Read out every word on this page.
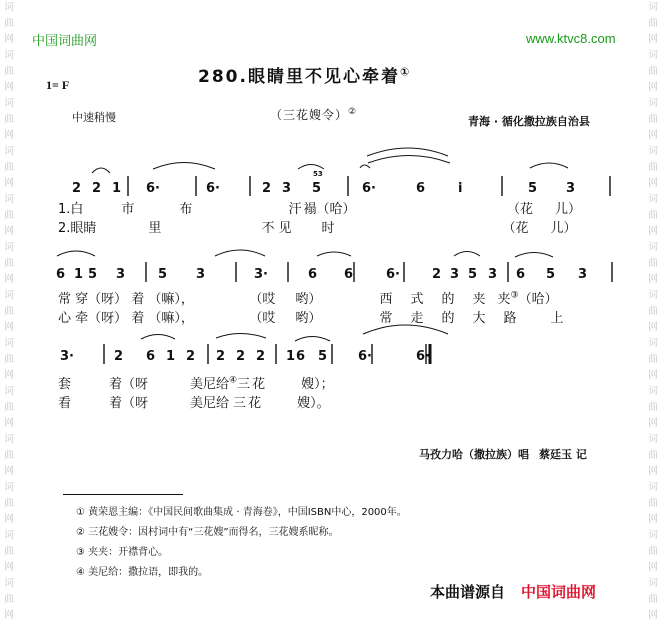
词曲网词曲网词曲网词曲网词曲网词曲网词曲网词曲网词曲网词曲网词曲网词曲网词曲网
词曲网词曲网词曲网词曲网词曲网词曲网词曲网词曲网词曲网词曲网词曲网词曲网词曲网
中国词曲网	www.ktvc8.com
280.眼睛里不见心牵着①
1= F
中速稍慢	（三花嫂令）②
青海 · 循化撒拉族自治县
2 2 1 6·	6·	2 3 5	6·	6	i	5 3
6 1 5 3	5 3	3·	6 6	6· 2 3 5 3 6 5 3
3·	2 6 1 2 2 2 2 1 6 5 6·	6·
53
1.白	市	布	汗 褟（哈）	（花 儿）
2.眼睛	里	不 见 时	（花 儿）
常 穿（呀） 着 （嘛），	（哎 哟）	西 式 的 夹 夹③（哈）
心 牵（呀） 着 （嘛），	（哎 哟）	常 走 的 大 路	上
套	着（呀	美尼给④三 花	嫂）；
看	着（呀	美尼给 三 花	嫂）。
马孜力哈（撒拉族）唱 蔡廷玉 记
① 黄荣恩主编：《中国民间歌曲集成 · 青海卷》，中国ISBN中心，2000年。
② 三花嫂令：因村词中有“三花嫂”而得名，三花嫂系昵称。
③ 夹夹：开襟背心。
④ 美尼给：撒拉语，即我的。
本曲谱源自 中国词曲网
